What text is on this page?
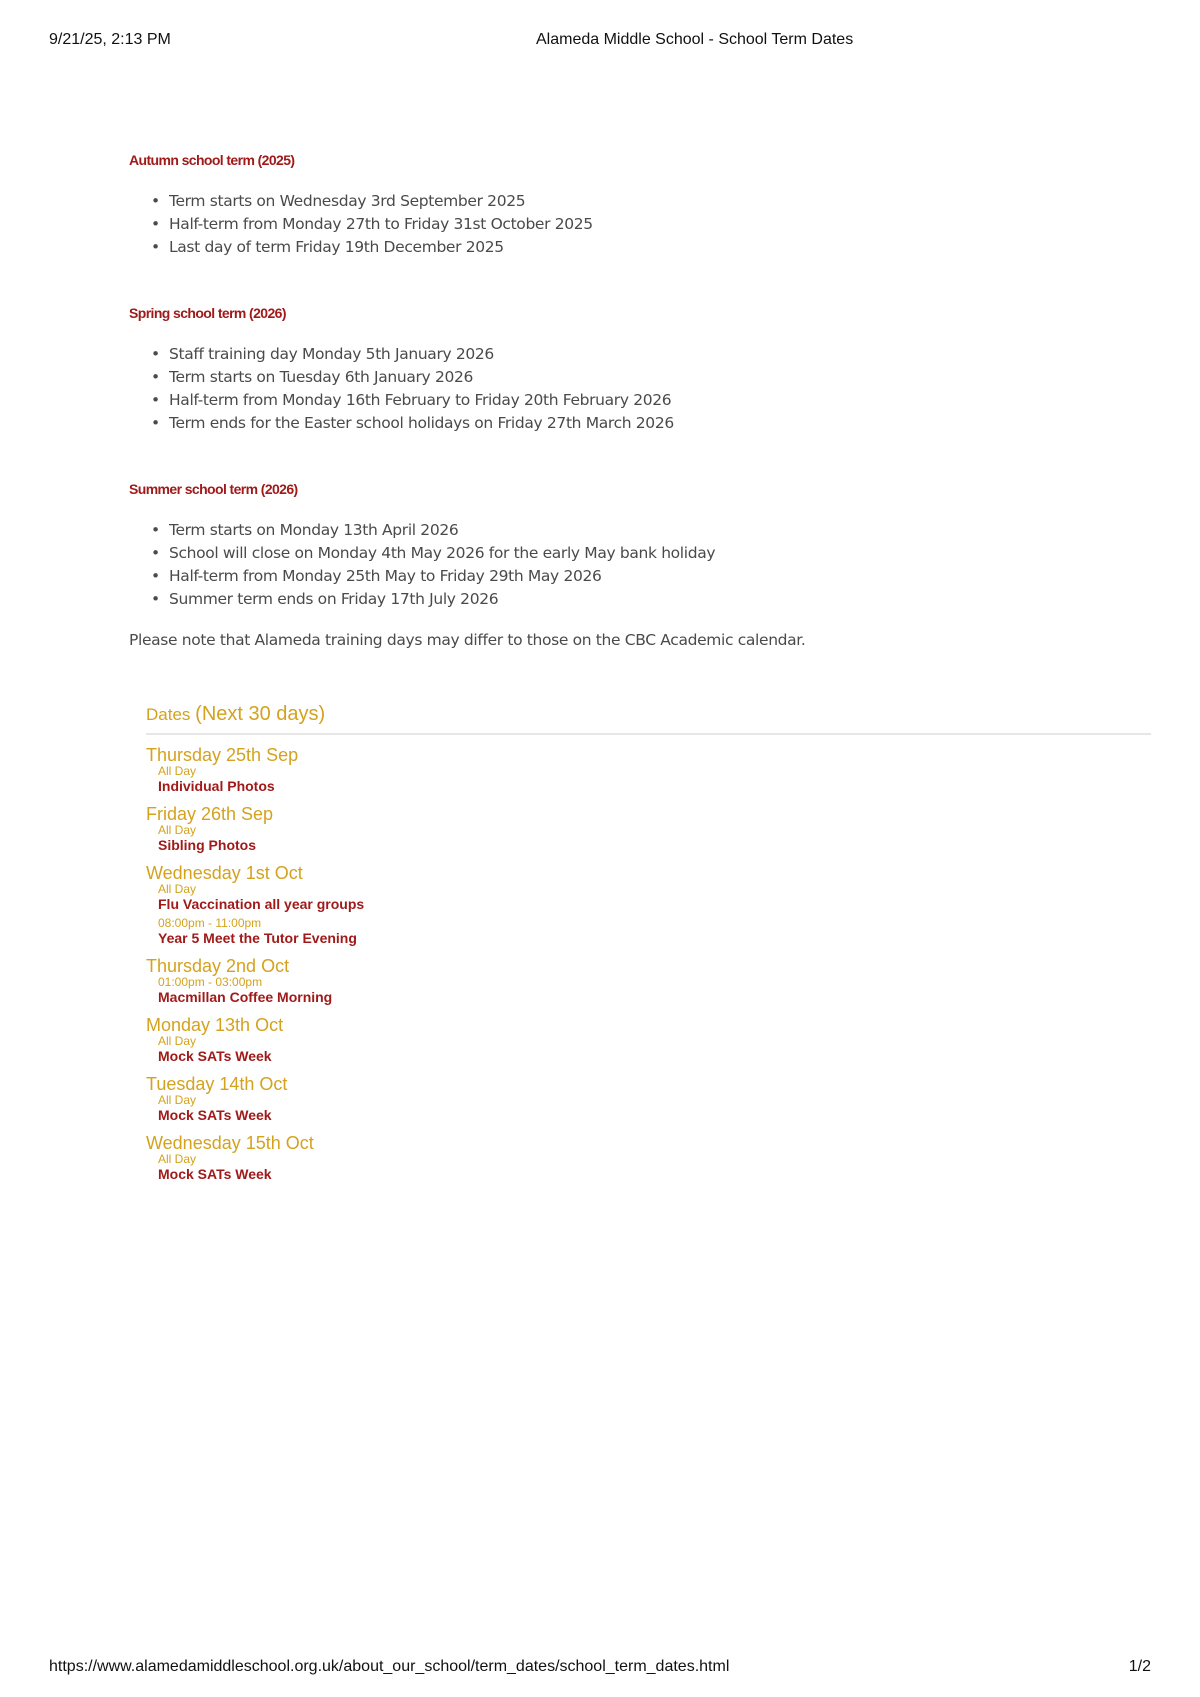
9/21/25, 2:13 PM	Alameda Middle School - School Term Dates
Autumn school term (2025)
• Term starts on Wednesday 3rd September 2025
• Half-term from Monday 27th to Friday 31st October 2025
• Last day of term Friday 19th December 2025
Spring school term (2026)
• Staff training day Monday 5th January 2026
• Term starts on Tuesday 6th January 2026
• Half-term from Monday 16th February to Friday 20th February 2026
• Term ends for the Easter school holidays on Friday 27th March 2026
Summer school term (2026)
• Term starts on Monday 13th April 2026
• School will close on Monday 4th May 2026 for the early May bank holiday
• Half-term from Monday 25th May to Friday 29th May 2026
• Summer term ends on Friday 17th July 2026

Please note that Alameda training days may differ to those on the CBC Academic calendar.

Dates (Next 30 days)
Thursday 25th Sep
All Day
Individual Photos
Friday 26th Sep
All Day
Sibling Photos
Wednesday 1st Oct
All Day
Flu Vaccination all year groups
08:00pm - 11:00pm
Year 5 Meet the Tutor Evening
Thursday 2nd Oct
01:00pm - 03:00pm
Macmillan Coffee Morning
Monday 13th Oct
All Day
Mock SATs Week
Tuesday 14th Oct
All Day
Mock SATs Week
Wednesday 15th Oct
All Day
Mock SATs Week
https://www.alamedamiddleschool.org.uk/about_our_school/term_dates/school_term_dates.html	1/2
